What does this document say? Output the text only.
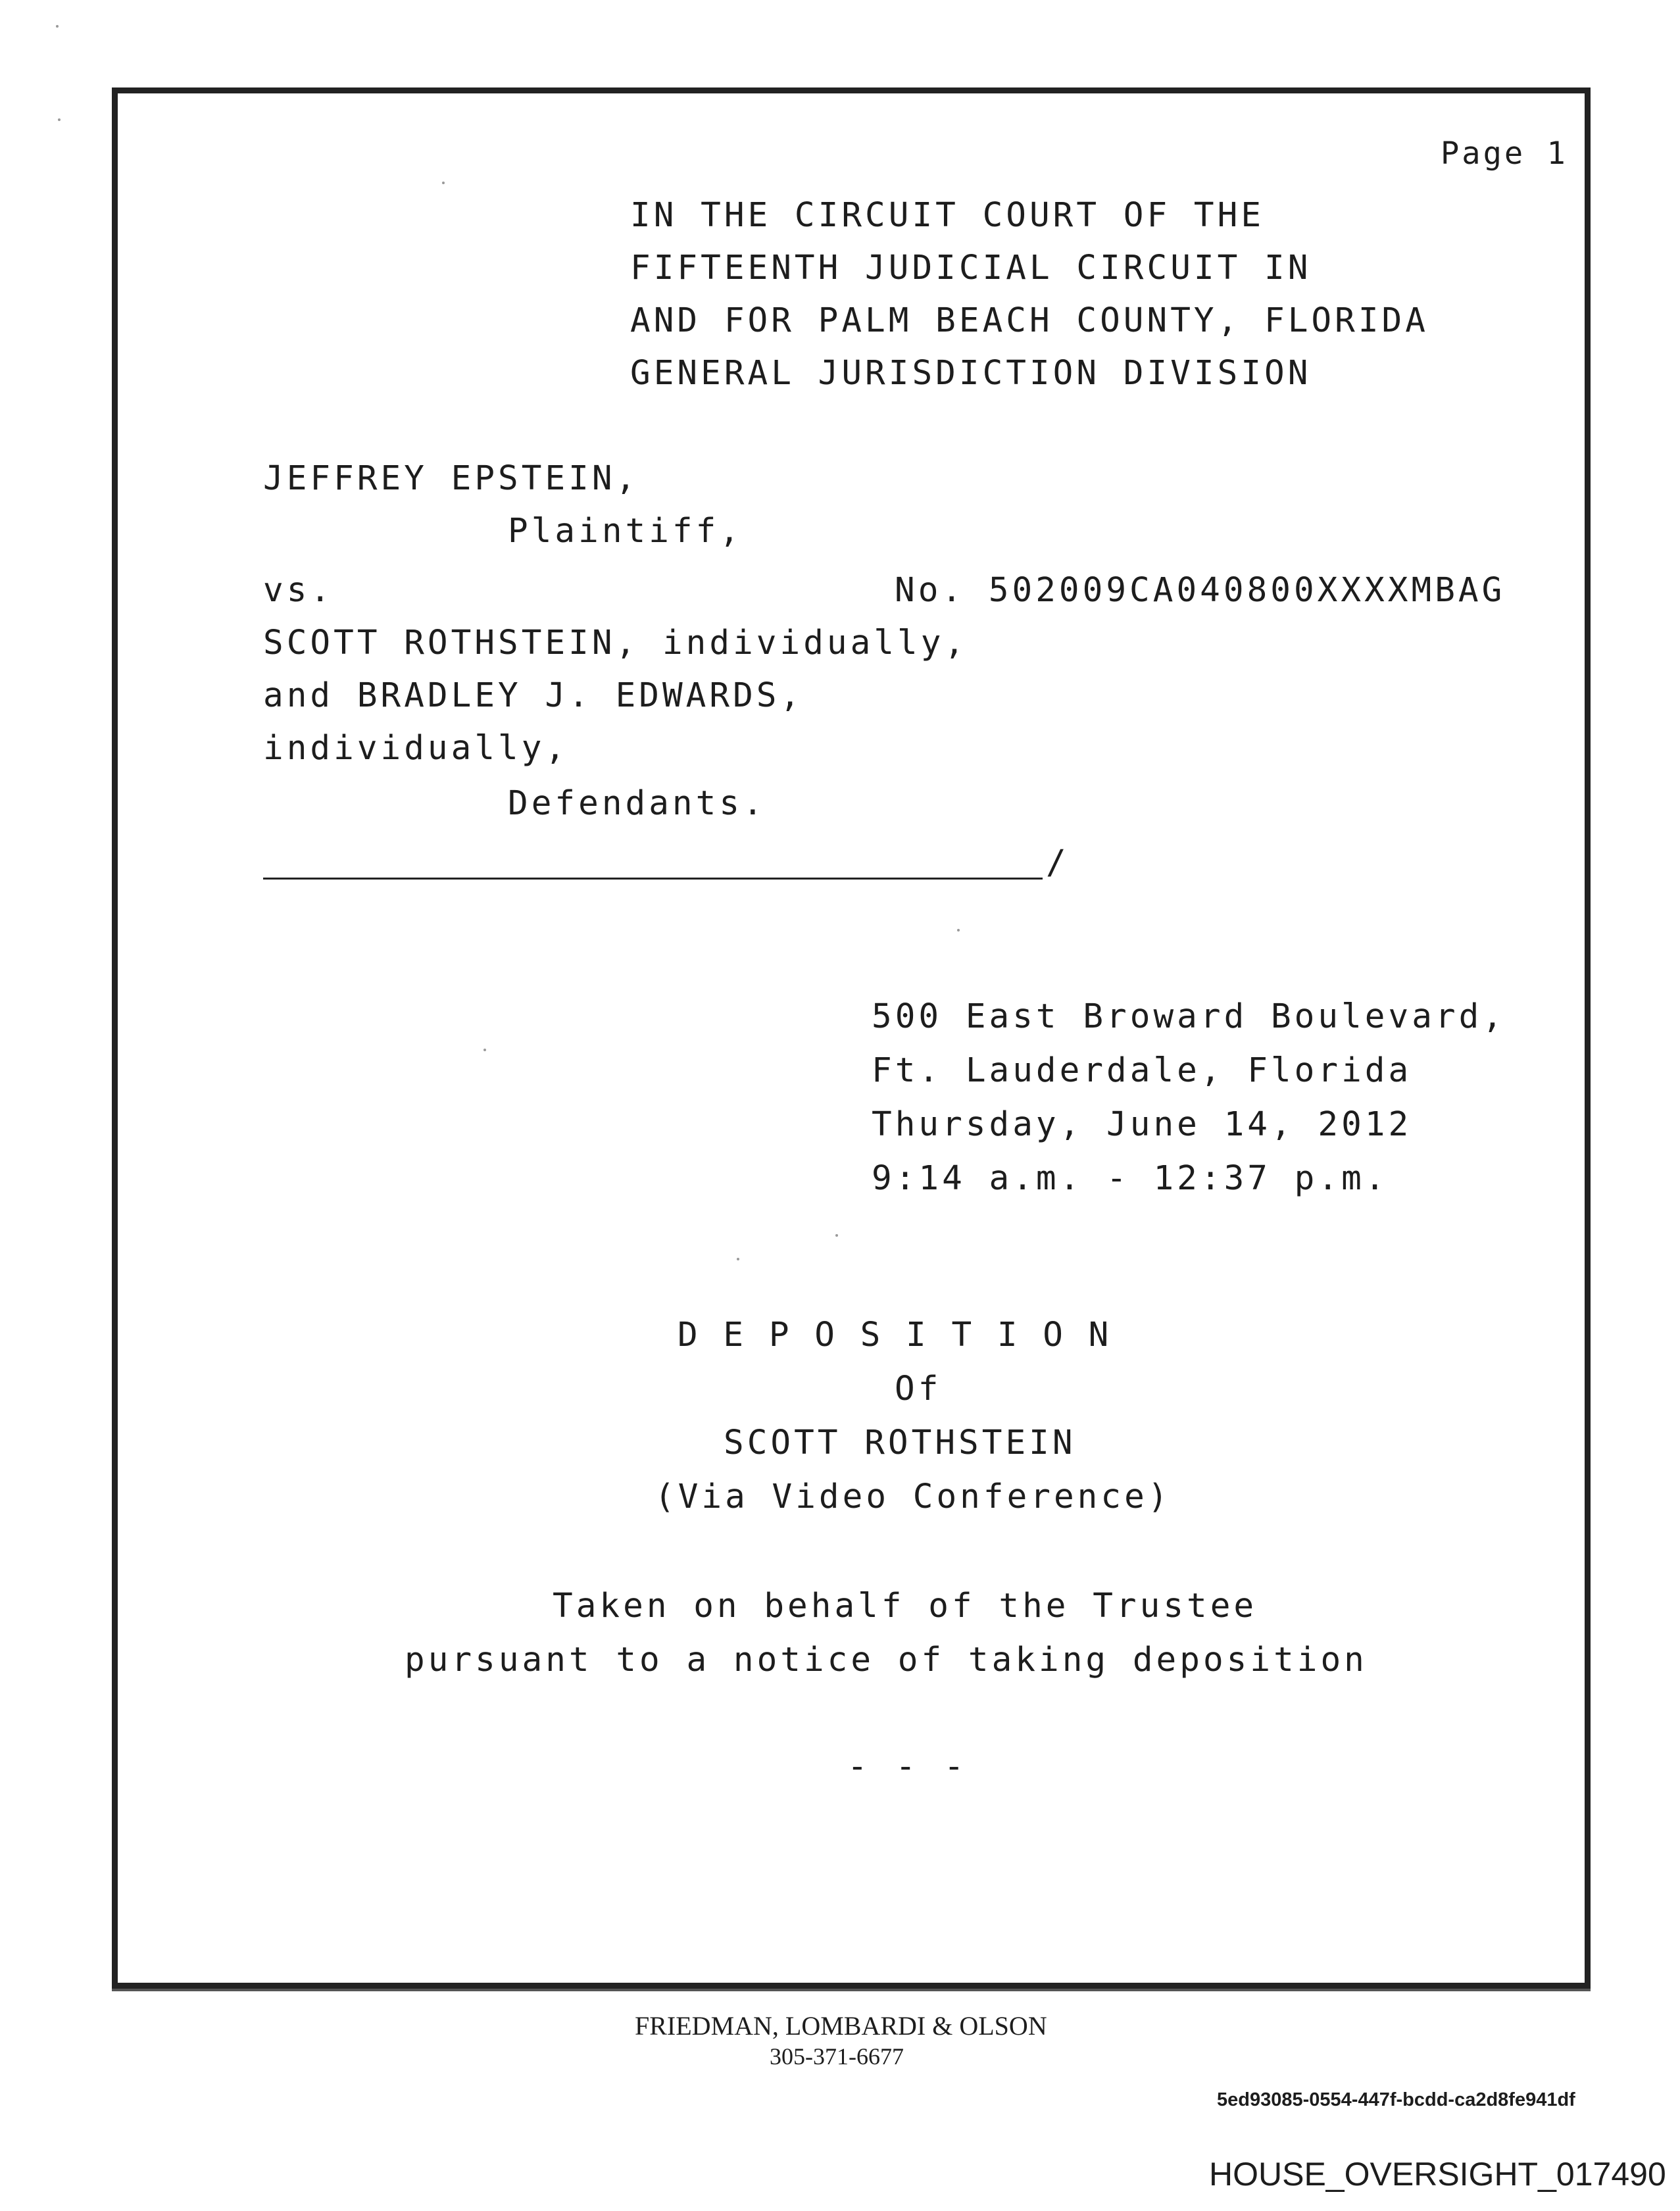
Page 1
IN THE CIRCUIT COURT OF THE
FIFTEENTH JUDICIAL CIRCUIT IN
AND FOR PALM BEACH COUNTY, FLORIDA
GENERAL JURISDICTION DIVISION
JEFFREY EPSTEIN,
Plaintiff,
vs.	No. 502009CA040800XXXXMBAG
SCOTT ROTHSTEIN, individually,
and BRADLEY J. EDWARDS,
individually,
Defendants.
/
500 East Broward Boulevard,
Ft. Lauderdale, Florida
Thursday, June 14, 2012
9:14 a.m. - 12:37 p.m.
D E P O S I T I O N
Of
SCOTT ROTHSTEIN
(Via Video Conference)
Taken on behalf of the Trustee
pursuant to a notice of taking deposition
- - -
FRIEDMAN, LOMBARDI & OLSON
305-371-6677
5ed93085-0554-447f-bcdd-ca2d8fe941df
HOUSE_OVERSIGHT_017490
